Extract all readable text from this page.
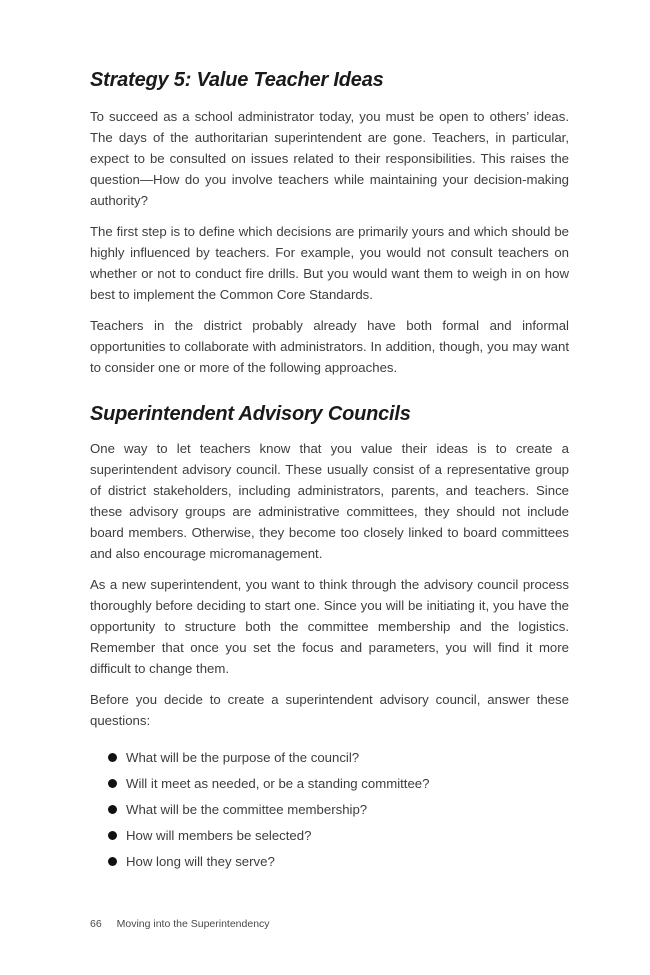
Strategy 5: Value Teacher Ideas

To succeed as a school administrator today, you must be open to others’ ideas. The days of the authoritarian superintendent are gone. Teachers, in particular, expect to be consulted on issues related to their responsibilities. This raises the question—How do you involve teachers while maintaining your decision-making authority?

The first step is to define which decisions are primarily yours and which should be highly influenced by teachers. For example, you would not consult teachers on whether or not to conduct fire drills. But you would want them to weigh in on how best to implement the Common Core Standards.

Teachers in the district probably already have both formal and informal opportunities to collaborate with administrators. In addition, though, you may want to consider one or more of the following approaches.

Superintendent Advisory Councils

One way to let teachers know that you value their ideas is to create a superintendent advisory council. These usually consist of a representative group of district stakeholders, including administrators, parents, and teachers. Since these advisory groups are administrative committees, they should not include board members. Otherwise, they become too closely linked to board committees and also encourage micromanagement.

As a new superintendent, you want to think through the advisory council process thoroughly before deciding to start one. Since you will be initiating it, you have the opportunity to structure both the committee membership and the logistics. Remember that once you set the focus and parameters, you will find it more difficult to change them.

Before you decide to create a superintendent advisory council, answer these questions:

What will be the purpose of the council?
Will it meet as needed, or be a standing committee?
What will be the committee membership?
How will members be selected?
How long will they serve?
66 Moving into the Superintendency
